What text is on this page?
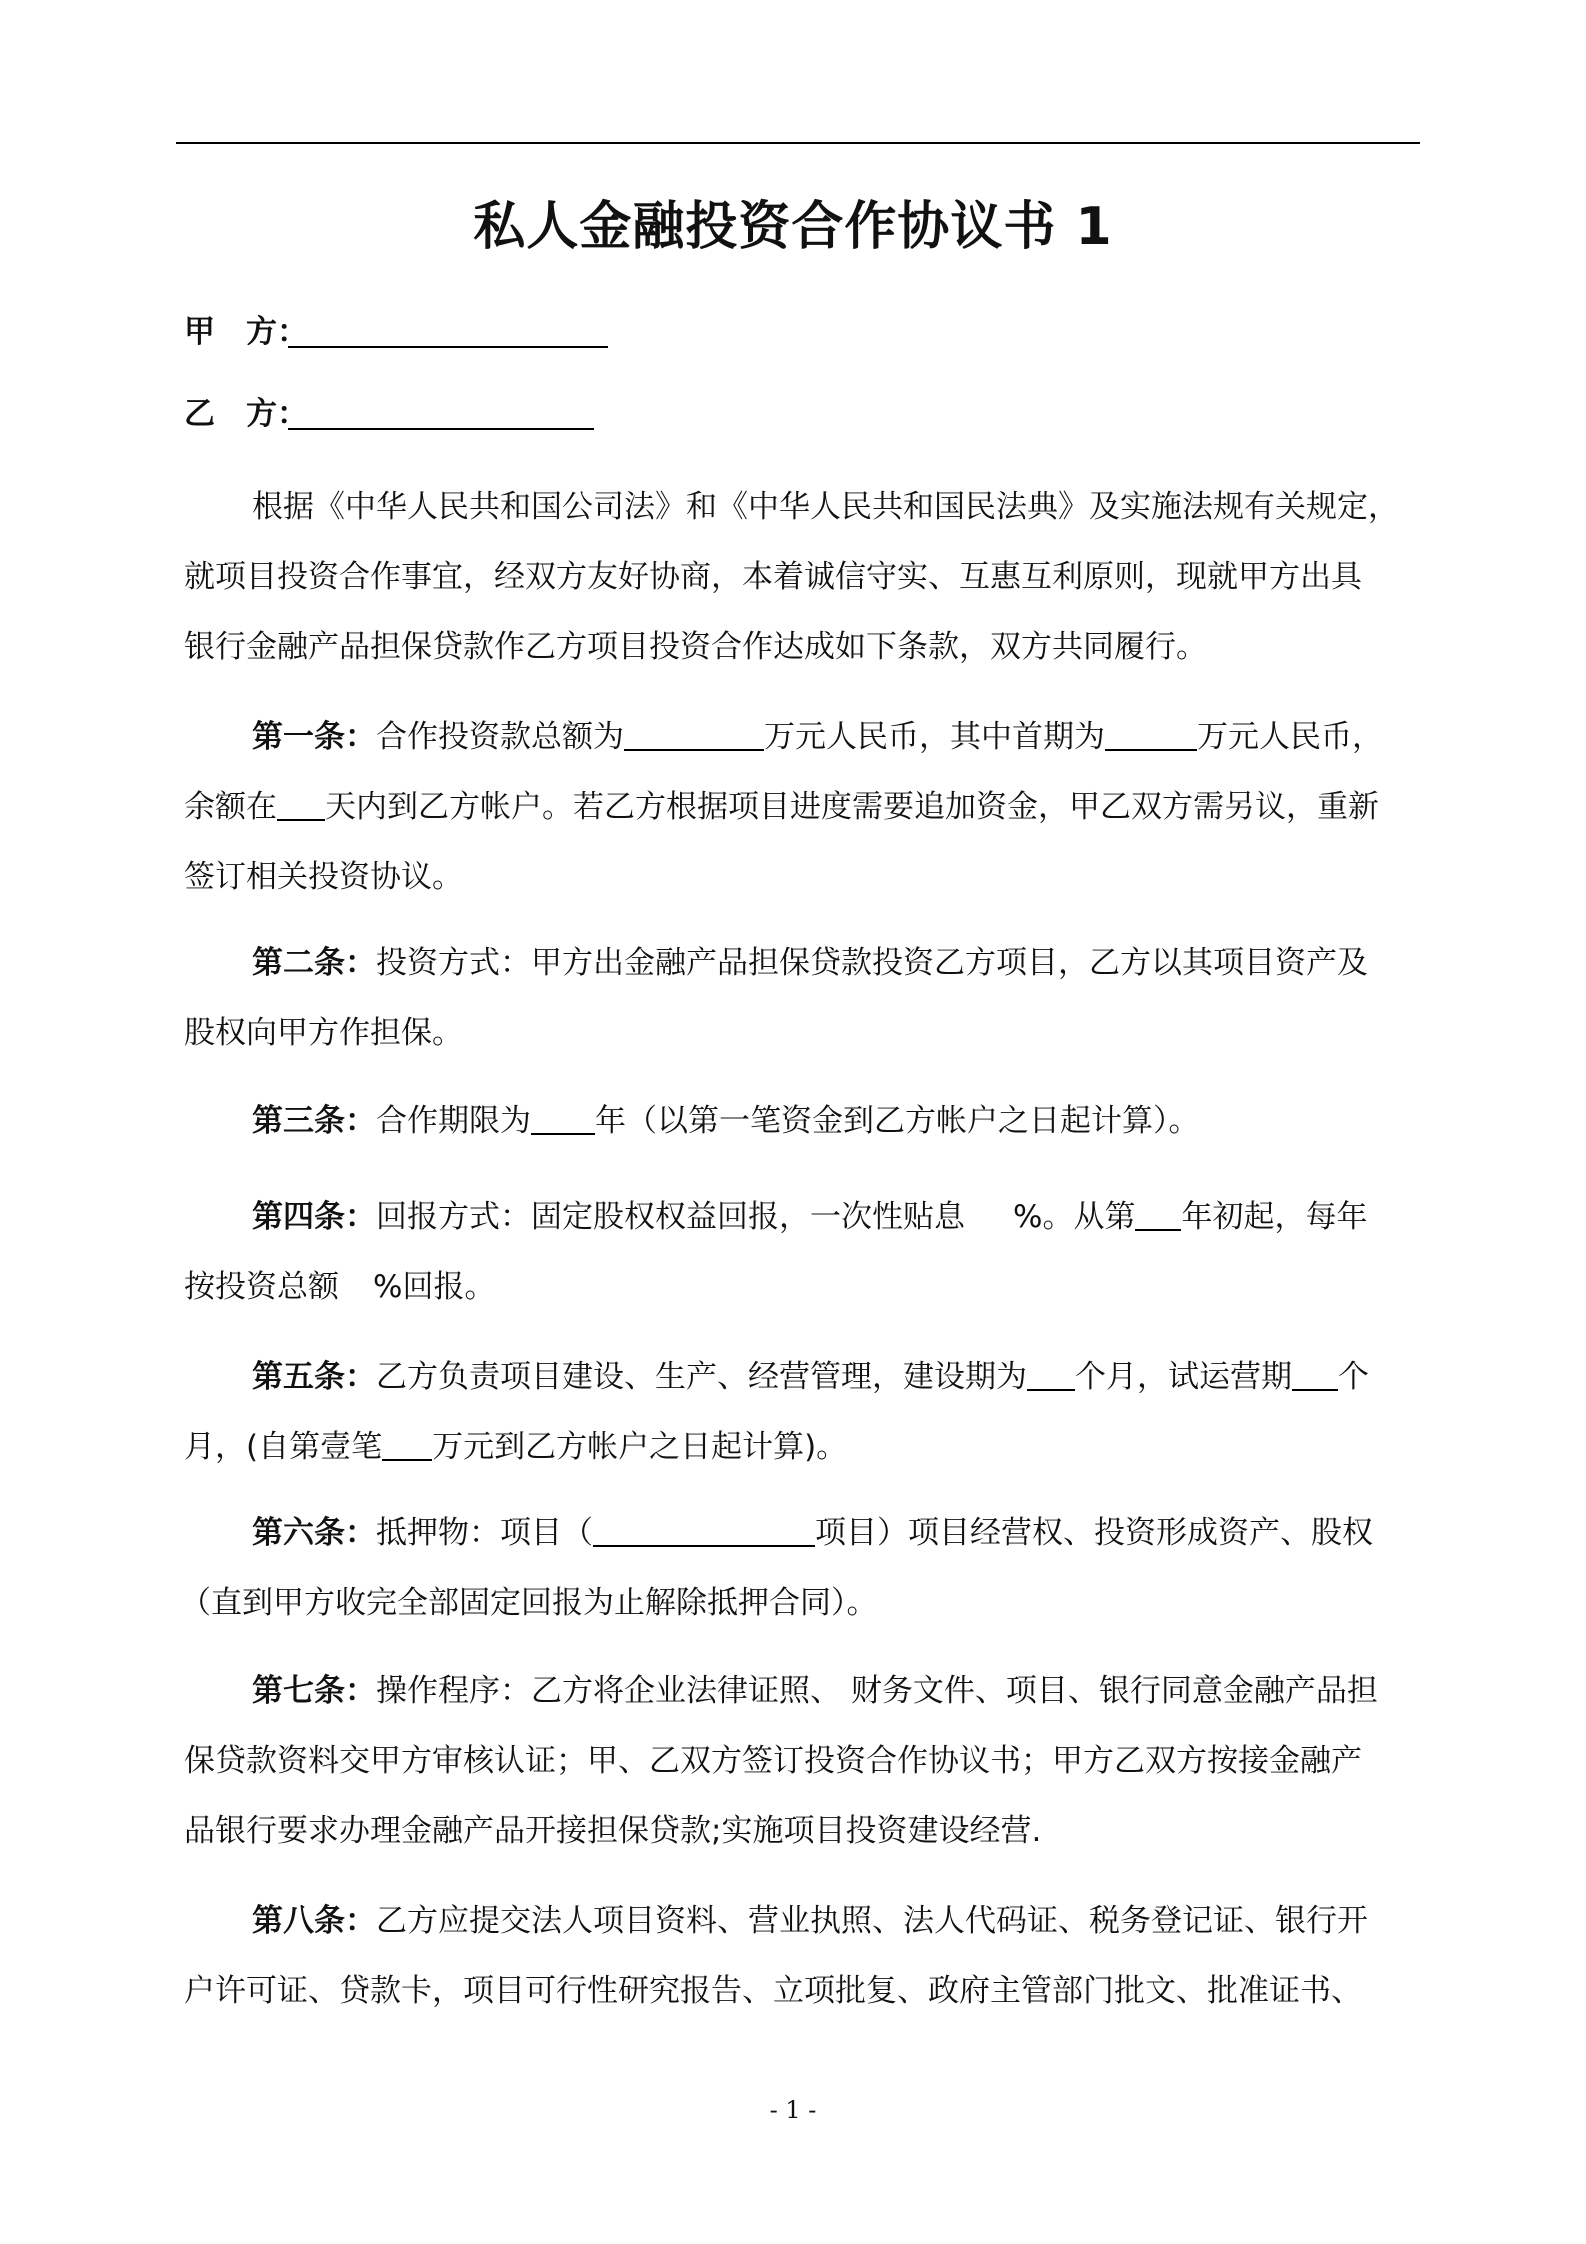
私人金融投资合作协议书 1
甲　方：
乙　方：
根据《中华人民共和国公司法》和《中华人民共和国民法典》及实施法规有关规定，
就项目投资合作事宜，经双方友好协商，本着诚信守实、互惠互利原则，现就甲方出具
银行金融产品担保贷款作乙方项目投资合作达成如下条款，双方共同履行。
第一条：合作投资款总额为	万元人民币，其中首期为	万元人民币，
余额在 天内到乙方帐户。若乙方根据项目进度需要追加资金，甲乙双方需另议，重新
签订相关投资协议。
第二条：投资方式：甲方出金融产品担保贷款投资乙方项目，乙方以其项目资产及
股权向甲方作担保。
第三条：合作期限为 年（以第一笔资金到乙方帐户之日起计算）。
第四条：回报方式：固定股权权益回报，一次性贴息 %。从第 年初起，每年
按投资总额 %回报。
第五条：乙方负责项目建设、生产、经营管理，建设期为 个月，试运营期 个
月，(自第壹笔 万元到乙方帐户之日起计算)。
第六条：抵押物：项目（	项目）项目经营权、投资形成资产、股权
（直到甲方收完全部固定回报为止解除抵押合同）。
第七条：操作程序：乙方将企业法律证照、 财务文件、项目、银行同意金融产品担
保贷款资料交甲方审核认证；甲、乙双方签订投资合作协议书；甲方乙双方按接金融产
品银行要求办理金融产品开接担保贷款;实施项目投资建设经营.
第八条：乙方应提交法人项目资料、营业执照、法人代码证、税务登记证、银行开
户许可证、贷款卡，项目可行性研究报告、立项批复、政府主管部门批文、批准证书、
- 1 -
